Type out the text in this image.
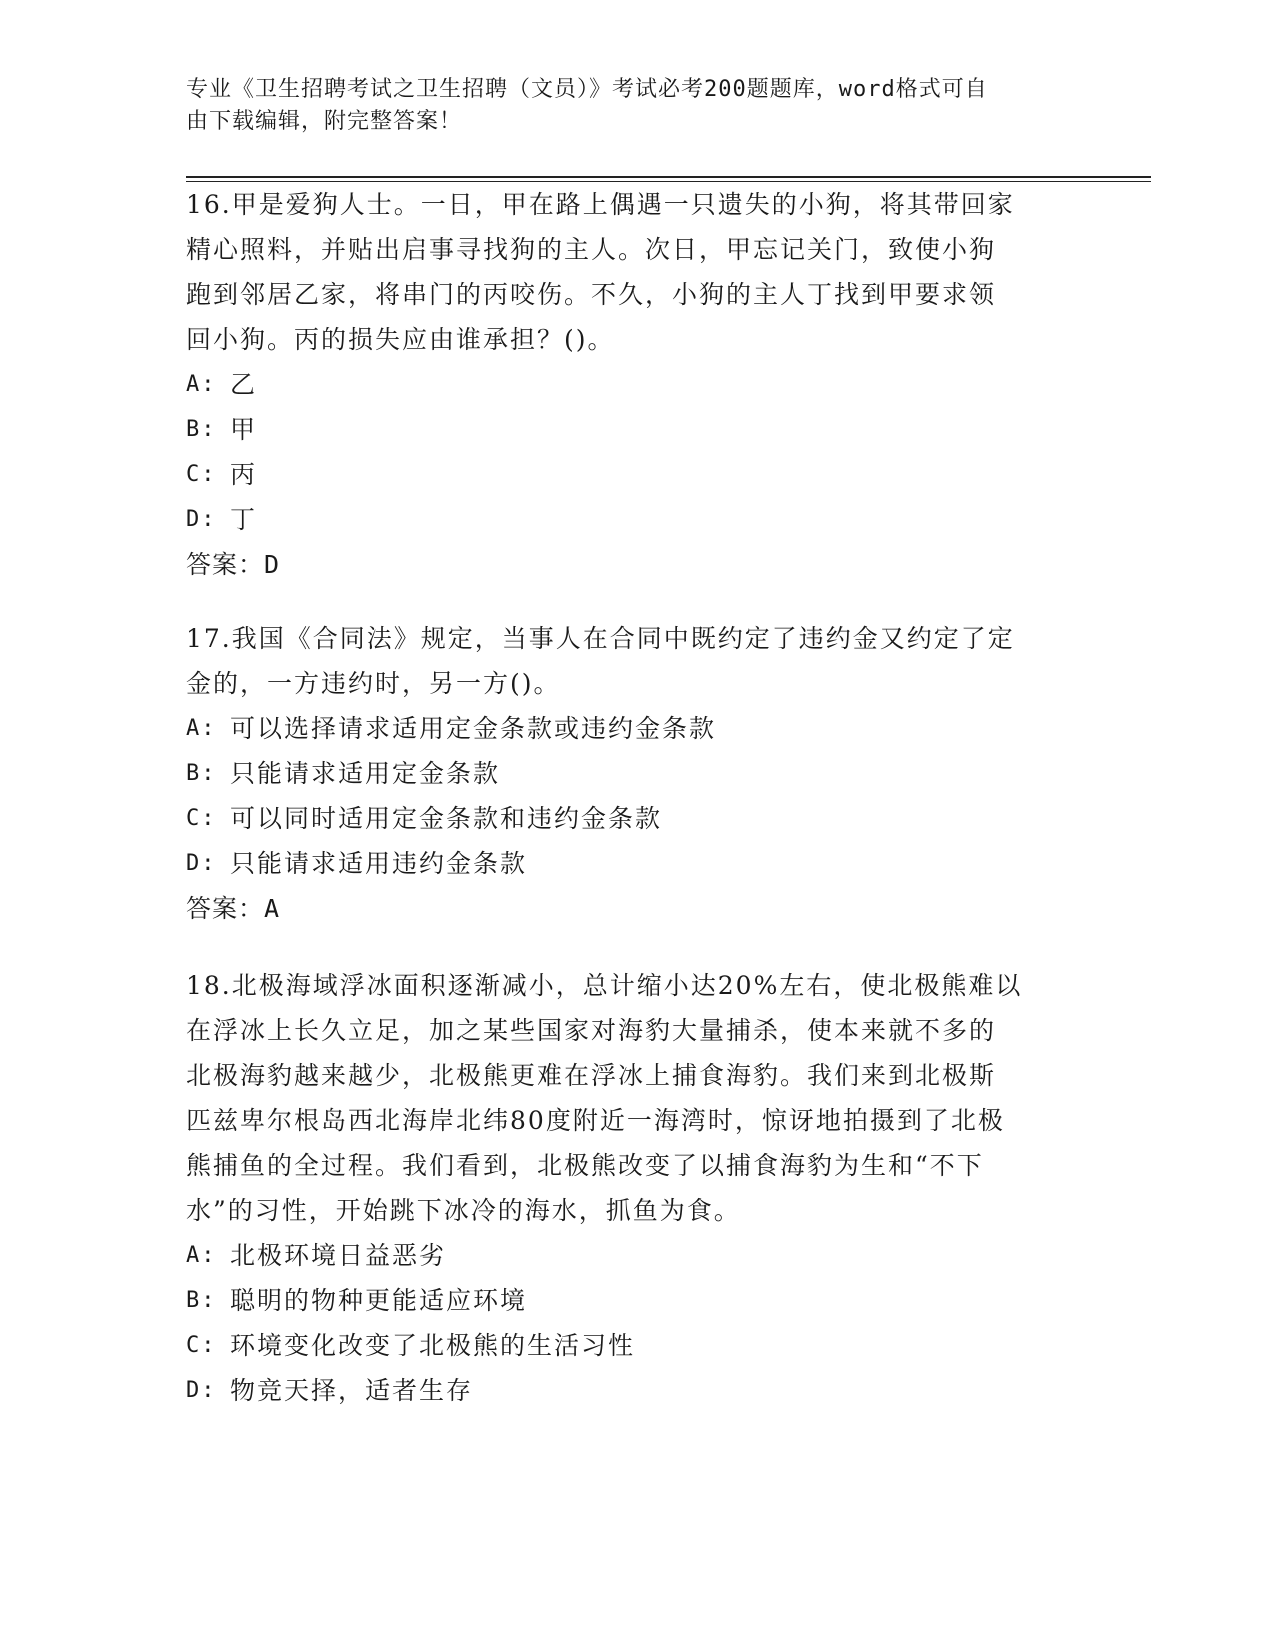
专业《卫生招聘考试之卫生招聘（文员）》考试必考200题题库，word格式可自
由下载编辑，附完整答案！

16.甲是爱狗人士。一日，甲在路上偶遇一只遗失的小狗，将其带回家

精心照料，并贴出启事寻找狗的主人。次日，甲忘记关门，致使小狗

跑到邻居乙家，将串门的丙咬伤。不久，小狗的主人丁找到甲要求领

回小狗。丙的损失应由谁承担？()。

A: 乙
B: 甲
C: 丙
D: 丁
答案： D

17.我国《合同法》规定，当事人在合同中既约定了违约金又约定了定

金的，一方违约时，另一方()。

A: 可以选择请求适用定金条款或违约金条款
B: 只能请求适用定金条款
C: 可以同时适用定金条款和违约金条款
D: 只能请求适用违约金条款
答案： A

18.北极海域浮冰面积逐渐减小，总计缩小达20%左右，使北极熊难以

在浮冰上长久立足，加之某些国家对海豹大量捕杀，使本来就不多的

北极海豹越来越少，北极熊更难在浮冰上捕食海豹。我们来到北极斯

匹兹卑尔根岛西北海岸北纬80度附近一海湾时，惊讶地拍摄到了北极

熊捕鱼的全过程。我们看到，北极熊改变了以捕食海豹为生和“不下

水”的习性，开始跳下冰冷的海水，抓鱼为食。

A: 北极环境日益恶劣
B: 聪明的物种更能适应环境
C: 环境变化改变了北极熊的生活习性
D: 物竞天择，适者生存
